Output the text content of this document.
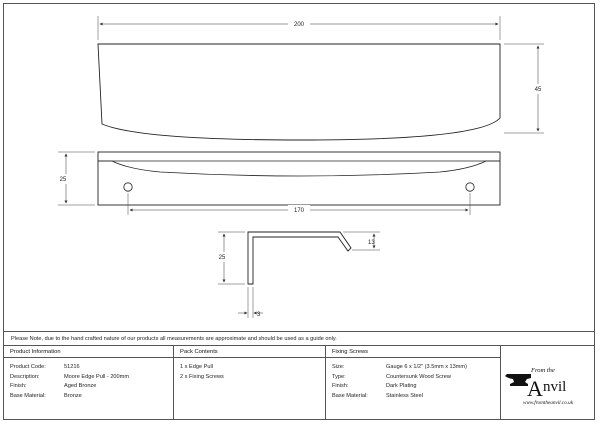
200
45
25
170
25
13
3
Please Note, due to the hand crafted nature of our products all measurements are approximate and should be used as a guide only.
Product Information
Product Code:	51216
Description:	Moore Edge Pull - 200mm
Finish:	Aged Bronze
Base Material:	Bronze
Pack Contents
1 x Edge Pull
2 x Fixing Screws
Fixing Screws
Size:	Gauge 6 x 1/2" (3.5mm x 13mm)
Type:	Countersunk Wood Screw
Finish:	Dark Plating
Base Material:	Stainless Steel
From the
A nvil
www.fromtheanvil.co.uk
